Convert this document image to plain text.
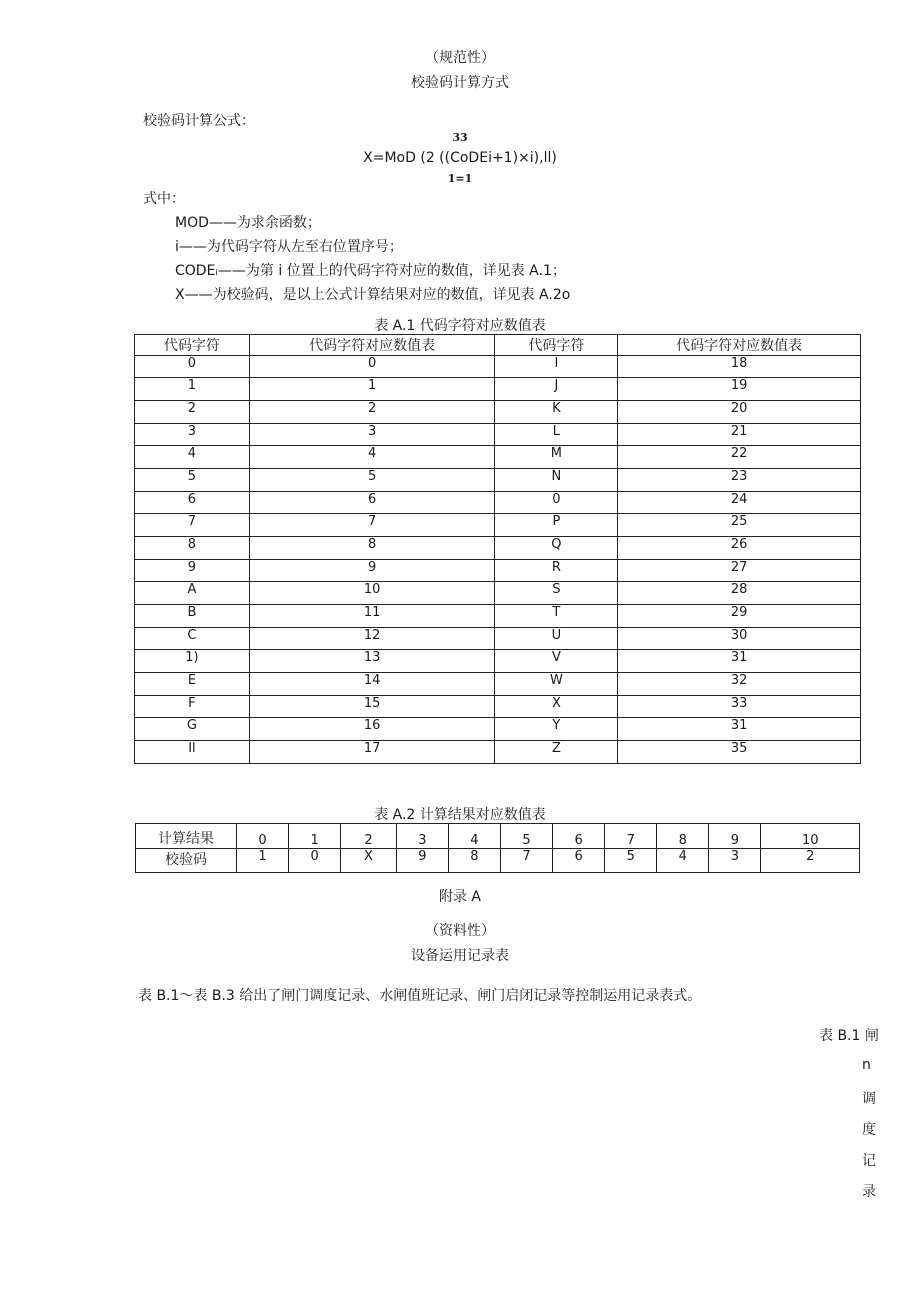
（规范性）
校验码计算方式
校验码计算公式：
33
X=MoD (2 ((CoDEi+1)×i),ll)
1=1
式中：
MOD——为求余函数；
i——为代码字符从左至右位置序号；
CODEᵢ——为第 i 位置上的代码字符对应的数值，详见表 A.1；
X——为校验码，是以上公式计算结果对应的数值，详见表 A.2o
表 A.1 代码字符对应数值表
代码字符	代码字符对应数值表	代码字符	代码字符对应数值表
0	0	I	18
1	1	J	19
2	2	K	20
3	3	L	21
4	4	M	22
5	5	N	23
6	6	0	24
7	7	P	25
8	8	Q	26
9	9	R	27
A	10	S	28
B	11	T	29
C	12	U	30
1)	13	V	31
E	14	W	32
F	15	X	33
G	16	Y	31
Il	17	Z	35
表 A.2 计算结果对应数值表
计算结果	0	1	2	3	4	5	6	7	8	9	10
校验码	1	0	X	9	8	7	6	5	4	3	2
附录 A
（资料性）
设备运用记录表
表 B.1～表 B.3 给出了闸门调度记录、水闸值班记录、闸门启闭记录等控制运用记录表式。
表 B.1 闸
n
调
度
记
录
